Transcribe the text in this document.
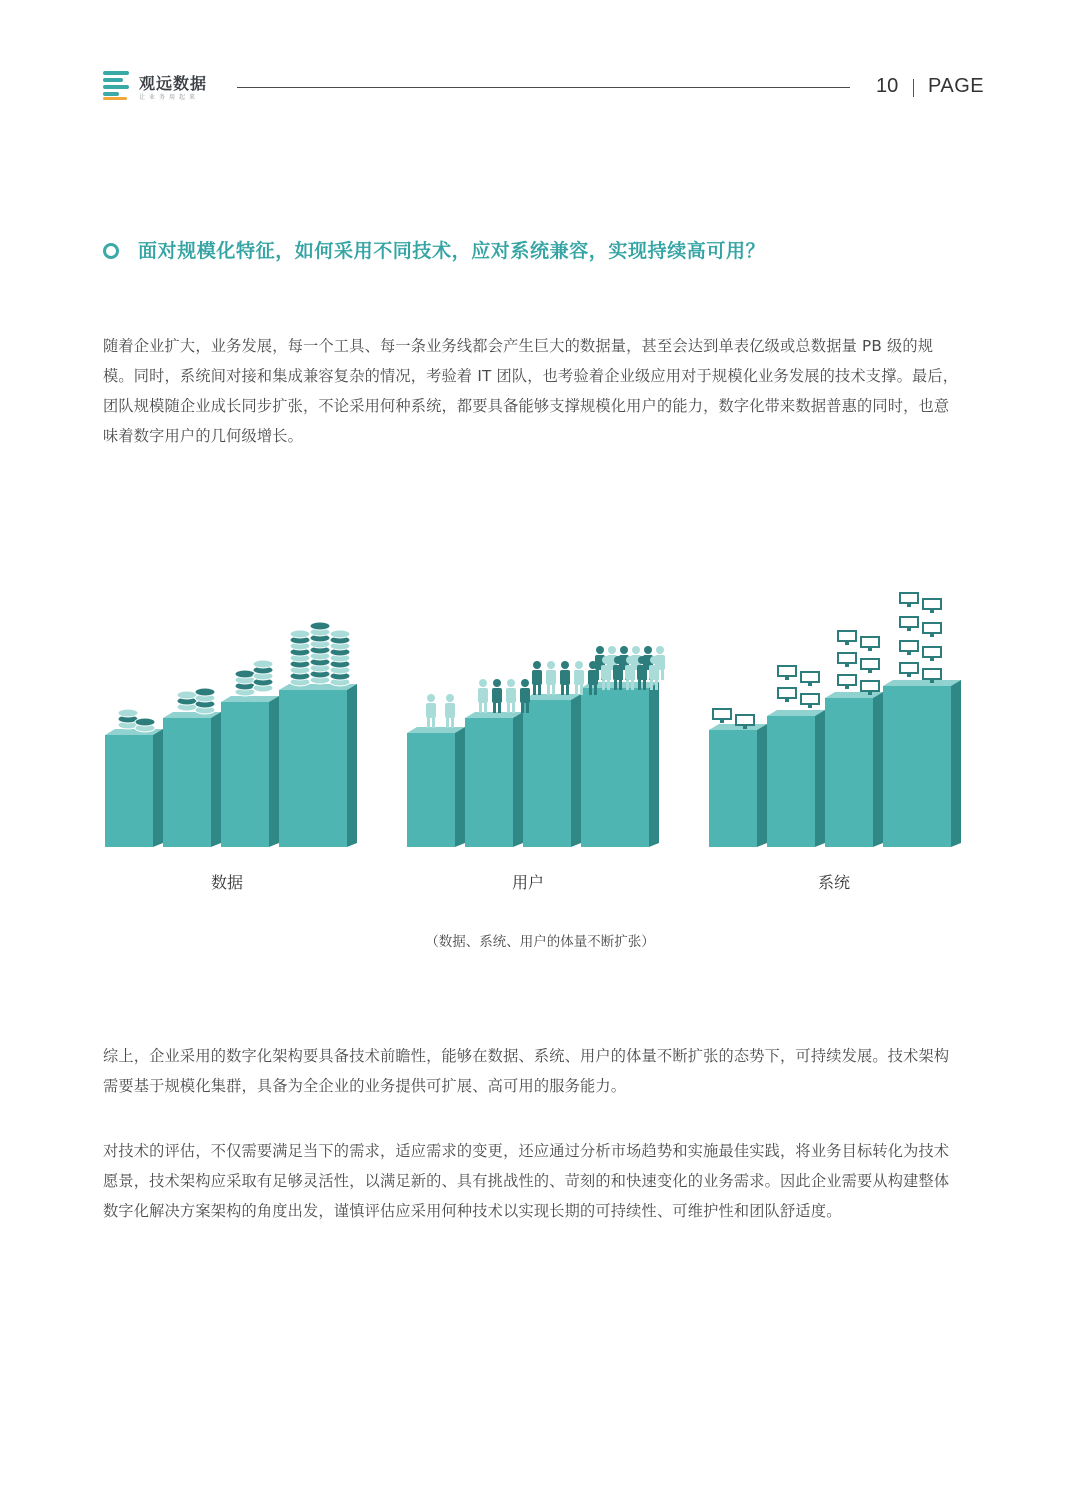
观远数据
让业务用起来
10 PAGE
面对规模化特征，如何采用不同技术，应对系统兼容，实现持续高可用？

随着企业扩大，业务发展，每一个工具、每一条业务线都会产生巨大的数据量，甚至会达到单表亿级或总数据量 PB 级的规模。同时，系统间对接和集成兼容复杂的情况，考验着 IT 团队，也考验着企业级应用对于规模化业务发展的技术支撑。最后，团队规模随企业成长同步扩张，不论采用何种系统，都要具备能够支撑规模化用户的能力，数字化带来数据普惠的同时，也意味着数字用户的几何级增长。

数据	用户	系统
（数据、系统、用户的体量不断扩张）

综上，企业采用的数字化架构要具备技术前瞻性，能够在数据、系统、用户的体量不断扩张的态势下，可持续发展。技术架构需要基于规模化集群，具备为全企业的业务提供可扩展、高可用的服务能力。

对技术的评估，不仅需要满足当下的需求，适应需求的变更，还应通过分析市场趋势和实施最佳实践，将业务目标转化为技术愿景，技术架构应采取有足够灵活性，以满足新的、具有挑战性的、苛刻的和快速变化的业务需求。因此企业需要从构建整体数字化解决方案架构的角度出发，谨慎评估应采用何种技术以实现长期的可持续性、可维护性和团队舒适度。
